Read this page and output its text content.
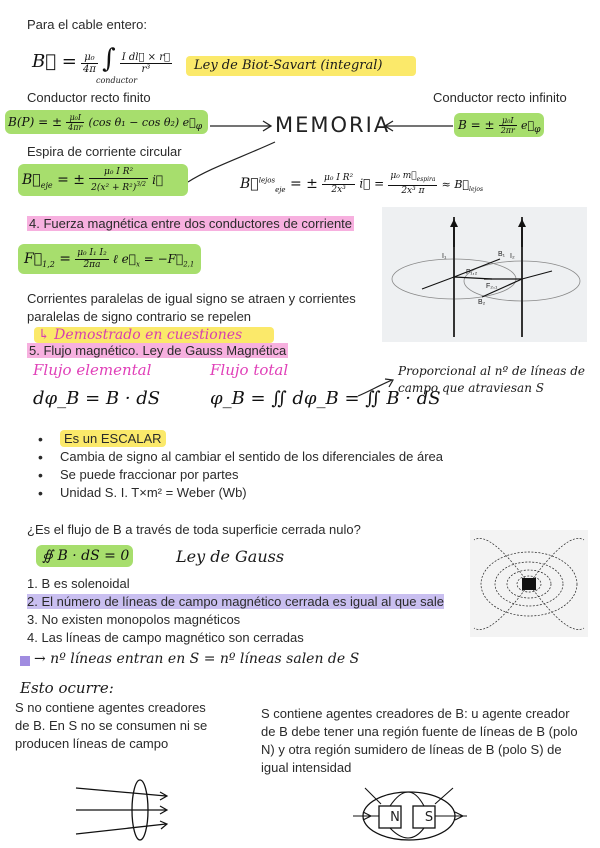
Para el cable entero:
B⃗ = $\frac{\text{μ₀}}{4\pi}$ ∫ $\frac{\text{I dl⃗ × r⃗}}{\text{r³}}$
conductor
Ley de Biot-Savart (integral)
Conductor recto finito	Conductor recto infinito
B(P) = ± $\frac{\text{μ₀I}}{4\pi r} (\cos$ θ₁ − cos θ₂) $e⃗_\varphi$	MEMORIA	B = ± $\frac{\text{μ₀I}}{2\pi r}$ $e⃗_\varphi$
Espira de corriente circular
$B⃗_{eje}$ = ± $\frac{\text{μ₀ I R²}}{2(x^2 + R^2)^{3/2}}$ i⃗	B⃗$^{lejos}_{eje}$ = ± $\frac{\text{μ₀ I R²}}{\text{2x³}}$ i⃗ = $\frac{\mu_0 m⃗_{espira}}{\text{2x³ π}}$ ≈ $B⃗_{lejos}$
4. Fuerza magnética entre dos conductores de corriente
$F⃗_{1,2} = \frac{\text{μ₀ I₁ I₂}}{2\pi a}$ ℓ $e⃗_x$ = $-F⃗_{2,1}$
I₁	I₂
B₁
B₂
F₂,₁
F₁,₂
Corrientes paralelas de igual signo se atraen y corrientes paralelas de signo contrario se repelen
↳ Demostrado en cuestiones
5. Flujo magnético. Ley de Gauss Magnética
Flujo elemental	Flujo total
dφ_B = B · dS	φ_B = ∬ dφ_B = ∬ B · dS
Proporcional al nº de líneas de campo que atraviesan S
• Es un ESCALAR
• Cambia de signo al cambiar el sentido de los diferenciales de área
• Se puede fraccionar por partes
• Unidad S. I. T×m² = Weber (Wb)
¿Es el flujo de B a través de toda superficie cerrada nulo?
∯ B · dS = 0	Ley de Gauss
1. B es solenoidal
2. El número de líneas de campo magnético cerrada es igual al que sale
3. No existen monopolos magnéticos
4. Las líneas de campo magnético son cerradas
→ nº líneas entran en S = nº líneas salen de S
Esto ocurre:
S no contiene agentes creadores de B. En S no se consumen ni se producen líneas de campo
S contiene agentes creadores de B: u agente creador de B debe tener una región fuente de líneas de B (polo N) y otra región sumidero de líneas de B (polo S) de igual intensidad
N	S
